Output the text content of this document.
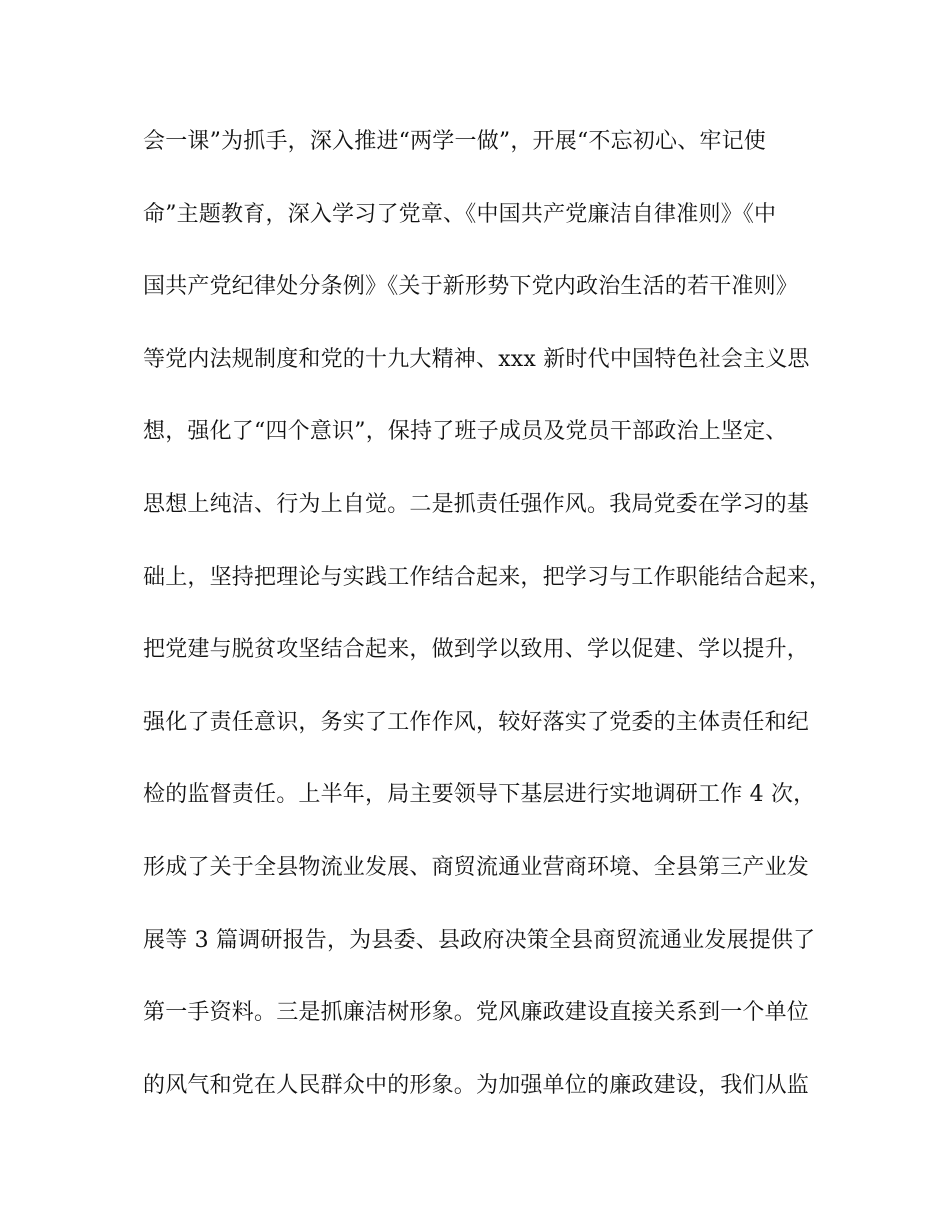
会一课”为抓手，深入推进“两学一做”，开展“不忘初心、牢记使
命”主题教育，深入学习了党章、《中国共产党廉洁自律准则》《中
国共产党纪律处分条例》《关于新形势下党内政治生活的若干准则》
等党内法规制度和党的十九大精神、xxx 新时代中国特色社会主义思
想，强化了“四个意识”，保持了班子成员及党员干部政治上坚定、
思想上纯洁、行为上自觉。二是抓责任强作风。我局党委在学习的基
础上，坚持把理论与实践工作结合起来，把学习与工作职能结合起来，
把党建与脱贫攻坚结合起来，做到学以致用、学以促建、学以提升，
强化了责任意识，务实了工作作风，较好落实了党委的主体责任和纪
检的监督责任。上半年，局主要领导下基层进行实地调研工作 4 次，
形成了关于全县物流业发展、商贸流通业营商环境、全县第三产业发
展等 3 篇调研报告，为县委、县政府决策全县商贸流通业发展提供了
第一手资料。三是抓廉洁树形象。党风廉政建设直接关系到一个单位
的风气和党在人民群众中的形象。为加强单位的廉政建设，我们从监
